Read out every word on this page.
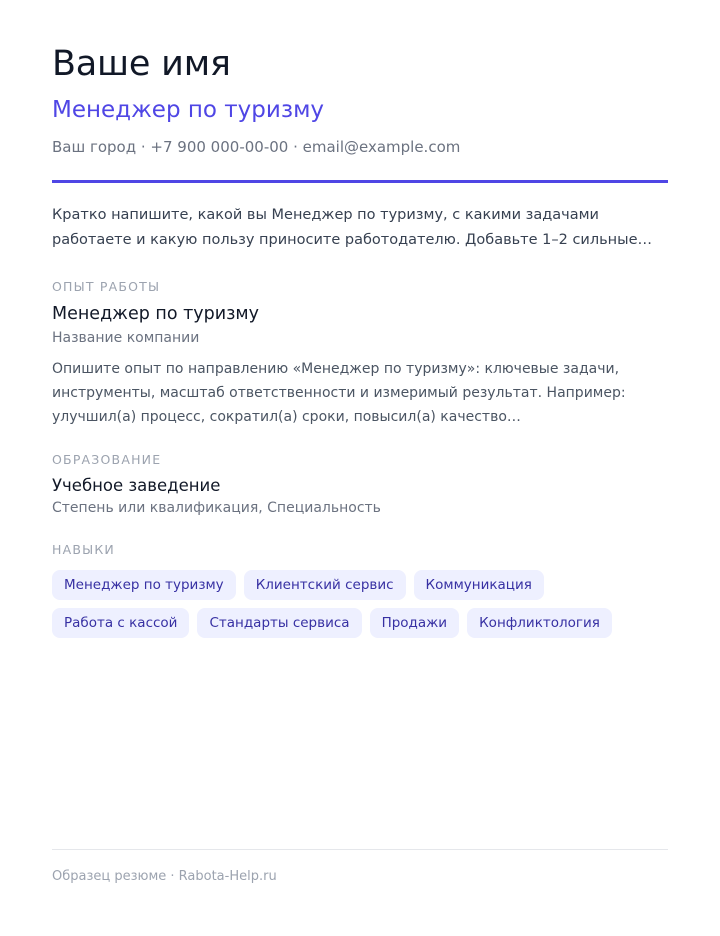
Ваше имя
Менеджер по туризму
Ваш город · +7 900 000-00-00 · email@example.com

Кратко напишите, какой вы Менеджер по туризму, с какими задачами работаете и какую пользу приносите работодателю. Добавьте 1–2 сильные…

ОПЫТ РАБОТЫ
Менеджер по туризму
Название компании

Опишите опыт по направлению «Менеджер по туризму»: ключевые задачи, инструменты, масштаб ответственности и измеримый результат. Например: улучшил(а) процесс, сократил(а) сроки, повысил(а) качество…

ОБРАЗОВАНИЕ
Учебное заведение
Степень или квалификация, Специальность
НАВЫКИ
Менеджер по туризму	Клиентский сервис	Коммуникация
Работа с кассой	Стандарты сервиса	Продажи	Конфликтология
Образец резюме · Rabota-Help.ru
